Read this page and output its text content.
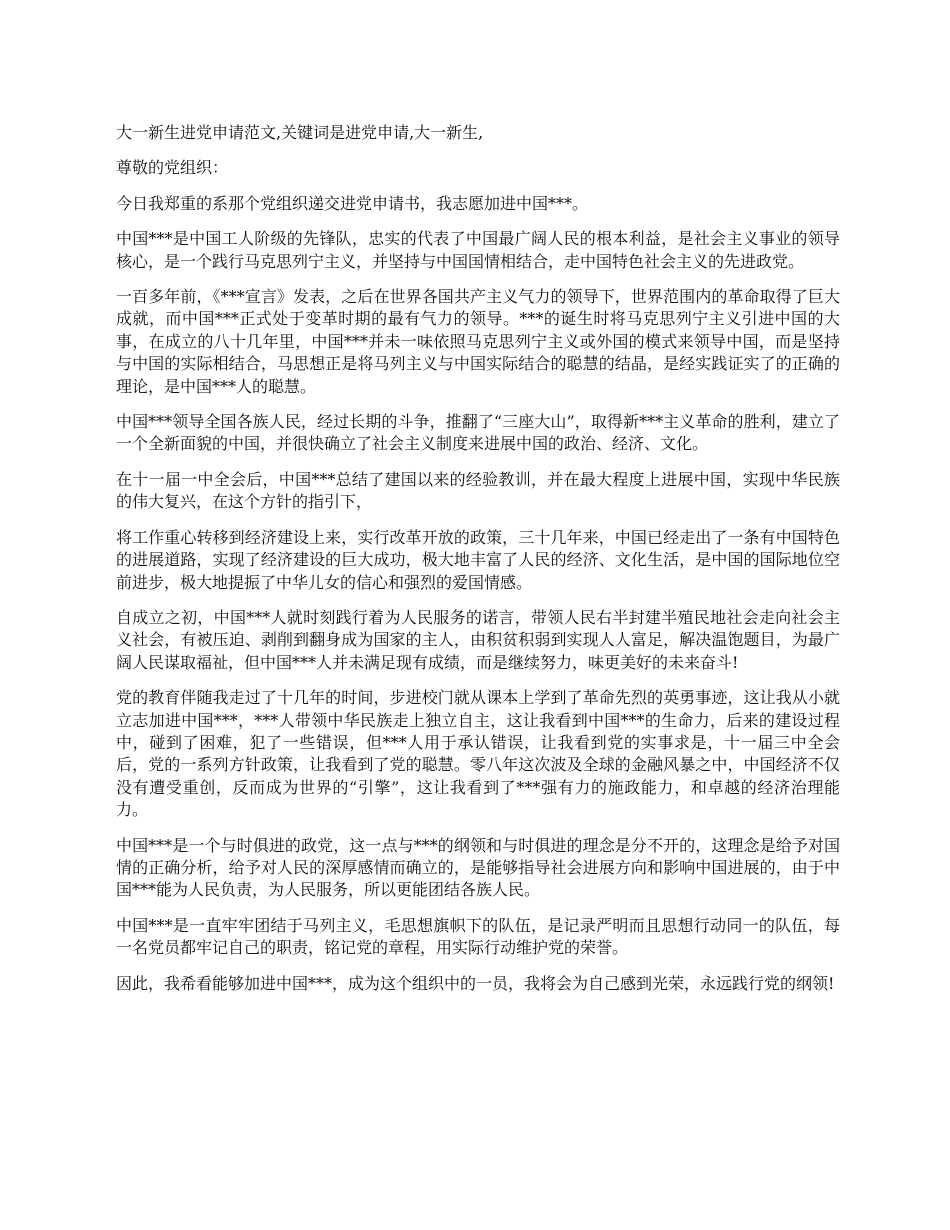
大一新生进党申请范文,关键词是进党申请,大一新生,

尊敬的党组织：

今日我郑重的系那个党组织递交进党申请书，我志愿加进中国***。

中国***是中国工人阶级的先锋队，忠实的代表了中国最广阔人民的根本利益，是社会主义事业的领导核心，是一个践行马克思列宁主义，并坚持与中国国情相结合，走中国特色社会主义的先进政党。

一百多年前，《***宣言》发表，之后在世界各国共产主义气力的领导下，世界范围内的革命取得了巨大成就，而中国***正式处于变革时期的最有气力的领导。***的诞生时将马克思列宁主义引进中国的大事，在成立的八十几年里，中国***并未一味依照马克思列宁主义或外国的模式来领导中国，而是坚持与中国的实际相结合，马思想正是将马列主义与中国实际结合的聪慧的结晶，是经实践证实了的正确的理论，是中国***人的聪慧。

中国***领导全国各族人民，经过长期的斗争，推翻了“三座大山”，取得新***主义革命的胜利，建立了一个全新面貌的中国，并很快确立了社会主义制度来进展中国的政治、经济、文化。

在十一届一中全会后，中国***总结了建国以来的经验教训，并在最大程度上进展中国，实现中华民族的伟大复兴，在这个方针的指引下，

将工作重心转移到经济建设上来，实行改革开放的政策，三十几年来，中国已经走出了一条有中国特色的进展道路，实现了经济建设的巨大成功，极大地丰富了人民的经济、文化生活，是中国的国际地位空前进步，极大地提振了中华儿女的信心和强烈的爱国情感。

自成立之初，中国***人就时刻践行着为人民服务的诺言，带领人民右半封建半殖民地社会走向社会主义社会，有被压迫、剥削到翻身成为国家的主人，由积贫积弱到实现人人富足，解决温饱题目，为最广阔人民谋取福祉，但中国***人并未满足现有成绩，而是继续努力，味更美好的未来奋斗!

党的教育伴随我走过了十几年的时间，步进校门就从课本上学到了革命先烈的英勇事迹，这让我从小就立志加进中国***，***人带领中华民族走上独立自主，这让我看到中国***的生命力，后来的建设过程中，碰到了困难，犯了一些错误，但***人用于承认错误，让我看到党的实事求是，十一届三中全会后，党的一系列方针政策，让我看到了党的聪慧。零八年这次波及全球的金融风暴之中，中国经济不仅没有遭受重创，反而成为世界的“引擎”，这让我看到了***强有力的施政能力，和卓越的经济治理能力。

中国***是一个与时俱进的政党，这一点与***的纲领和与时俱进的理念是分不开的，这理念是给予对国情的正确分析，给予对人民的深厚感情而确立的，是能够指导社会进展方向和影响中国进展的，由于中国***能为人民负责，为人民服务，所以更能团结各族人民。

中国***是一直牢牢团结于马列主义，毛思想旗帜下的队伍，是记录严明而且思想行动同一的队伍，每一名党员都牢记自己的职责，铭记党的章程，用实际行动维护党的荣誉。

因此，我希看能够加进中国***，成为这个组织中的一员，我将会为自己感到光荣，永远践行党的纲领!
